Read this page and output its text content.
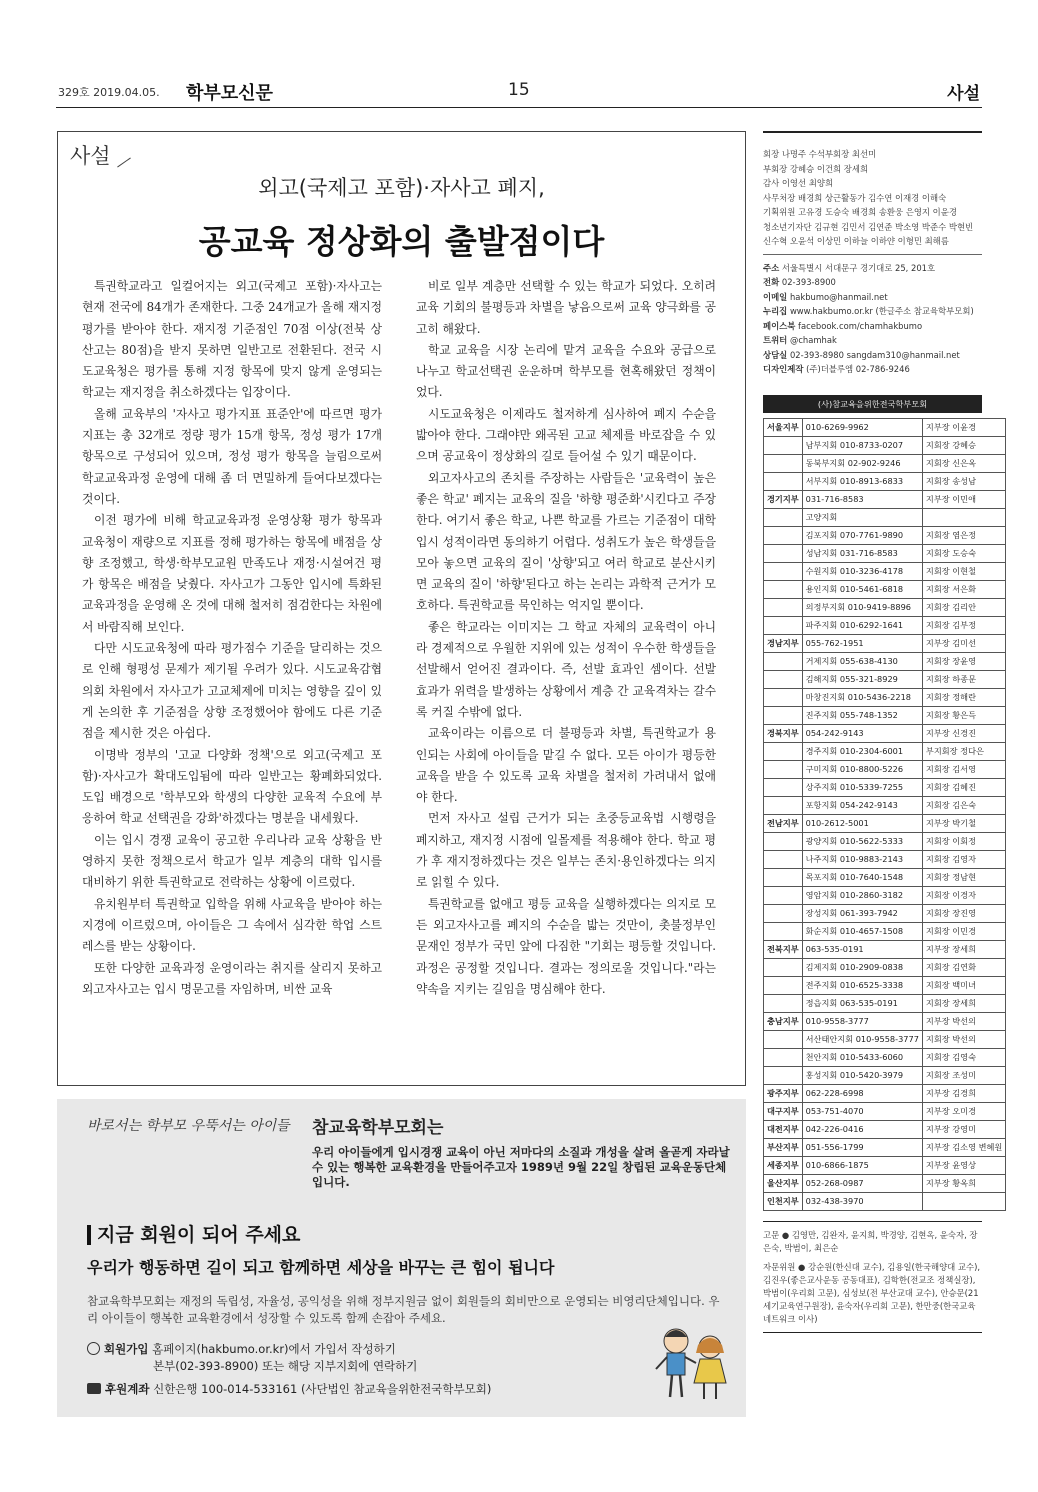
329호 2019.04.05. 학부모신문	15	사설
사설
외고(국제고 포함)·자사고 폐지,
공교육 정상화의 출발점이다

특권학교라고 일컬어지는 외고(국제고 포함)·자사고는 현재 전국에 84개가 존재한다. 그중 24개교가 올해 재지정 평가를 받아야 한다. 재지정 기준점인 70점 이상(전북 상산고는 80점)을 받지 못하면 일반고로 전환된다. 전국 시도교육청은 평가를 통해 지정 항목에 맞지 않게 운영되는 학교는 재지정을 취소하겠다는 입장이다.

올해 교육부의 '자사고 평가지표 표준안'에 따르면 평가지표는 총 32개로 정량 평가 15개 항목, 정성 평가 17개 항목으로 구성되어 있으며, 정성 평가 항목을 늘림으로써 학교교육과정 운영에 대해 좀 더 면밀하게 들여다보겠다는 것이다.

이전 평가에 비해 학교교육과정 운영상황 평가 항목과 교육청이 재량으로 지표를 정해 평가하는 항목에 배점을 상향 조정했고, 학생·학부모교원 만족도나 재정·시설여건 평가 항목은 배점을 낮췄다. 자사고가 그동안 입시에 특화된 교육과정을 운영해 온 것에 대해 철저히 점검한다는 차원에서 바람직해 보인다.

다만 시도교육청에 따라 평가점수 기준을 달리하는 것으로 인해 형평성 문제가 제기될 우려가 있다. 시도교육감협의회 차원에서 자사고가 고교체제에 미치는 영향을 깊이 있게 논의한 후 기준점을 상향 조정했어야 함에도 다른 기준점을 제시한 것은 아쉽다.

이명박 정부의 '고교 다양화 정책'으로 외고(국제고 포함)·자사고가 확대도입됨에 따라 일반고는 황폐화되었다. 도입 배경으로 '학부모와 학생의 다양한 교육적 수요에 부응하여 학교 선택권을 강화'하겠다는 명분을 내세웠다.

이는 입시 경쟁 교육이 공고한 우리나라 교육 상황을 반영하지 못한 정책으로서 학교가 일부 계층의 대학 입시를 대비하기 위한 특권학교로 전락하는 상황에 이르렀다.

유치원부터 특권학교 입학을 위해 사교육을 받아야 하는 지경에 이르렀으며, 아이들은 그 속에서 심각한 학업 스트레스를 받는 상황이다.

또한 다양한 교육과정 운영이라는 취지를 살리지 못하고 외고자사고는 입시 명문고를 자임하며, 비싼 교육

비로 일부 계층만 선택할 수 있는 학교가 되었다. 오히려 교육 기회의 불평등과 차별을 낳음으로써 교육 양극화를 공고히 해왔다.

학교 교육을 시장 논리에 맡겨 교육을 수요와 공급으로 나누고 학교선택권 운운하며 학부모를 현혹해왔던 정책이었다.

시도교육청은 이제라도 철저하게 심사하여 폐지 수순을 밟아야 한다. 그래야만 왜곡된 고교 체제를 바로잡을 수 있으며 공교육이 정상화의 길로 들어설 수 있기 때문이다.

외고자사고의 존치를 주장하는 사람들은 '교육력이 높은 좋은 학교' 폐지는 교육의 질을 '하향 평준화'시킨다고 주장한다. 여기서 좋은 학교, 나쁜 학교를 가르는 기준점이 대학 입시 성적이라면 동의하기 어렵다. 성취도가 높은 학생들을 모아 놓으면 교육의 질이 '상향'되고 여러 학교로 분산시키면 교육의 질이 '하향'된다고 하는 논리는 과학적 근거가 모호하다. 특권학교를 묵인하는 억지일 뿐이다.

좋은 학교라는 이미지는 그 학교 자체의 교육력이 아니라 경제적으로 우월한 지위에 있는 성적이 우수한 학생들을 선발해서 얻어진 결과이다. 즉, 선발 효과인 셈이다. 선발 효과가 위력을 발생하는 상황에서 계층 간 교육격차는 갈수록 커질 수밖에 없다.

교육이라는 이름으로 더 불평등과 차별, 특권학교가 용인되는 사회에 아이들을 맡길 수 없다. 모든 아이가 평등한 교육을 받을 수 있도록 교육 차별을 철저히 가려내서 없애야 한다.

먼저 자사고 설립 근거가 되는 초중등교육법 시행령을 폐지하고, 재지정 시점에 일몰제를 적용해야 한다. 학교 평가 후 재지정하겠다는 것은 일부는 존치·용인하겠다는 의지로 읽힐 수 있다.

특권학교를 없애고 평등 교육을 실행하겠다는 의지로 모든 외고자사고를 폐지의 수순을 밟는 것만이, 촛불정부인 문재인 정부가 국민 앞에 다짐한 "기회는 평등할 것입니다. 과정은 공정할 것입니다. 결과는 정의로울 것입니다."라는 약속을 지키는 길임을 명심해야 한다.

바로서는 학부모 우뚝서는 아이들 참교육학부모회는
우리 아이들에게 입시경쟁 교육이 아닌 저마다의 소질과 개성을 살려 올곧게 자라날 수 있는 행복한 교육환경을 만들어주고자 1989년 9월 22일 창립된 교육운동단체입니다.
지금 회원이 되어 주세요
우리가 행동하면 길이 되고 함께하면 세상을 바꾸는 큰 힘이 됩니다
참교육학부모회는 재정의 독립성, 자율성, 공익성을 위해 정부지원금 없이 회원들의 회비만으로 운영되는 비영리단체입니다. 우리 아이들이 행복한 교육환경에서 성장할 수 있도록 함께 손잡아 주세요.
회원가입 홈페이지(hakbumo.or.kr)에서 가입서 작성하기
본부(02-393-8900) 또는 해당 지부지회에 연락하기
후원계좌 신한은행 100-014-533161 (사단법인 참교육을위한전국학부모회)
회장 나명주 수석부회장 최선미
부회장 강혜승 이건희 장세희
감사 이영선 최양희
사무처장 배경희 상근활동가 김수연 이재경 이해숙
기획위원 고유경 도승숙 배경희 송환웅 은영지 이윤경
청소년기자단 김규현 김민서 김연준 박소영 박준수 박현빈
신수혁 오윤석 이상민 이하늘 이하얀 이형민 최해름
주소 서울특별시 서대문구 경기대로 25, 201호
전화 02-393-8900
이메일 hakbumo@hanmail.net
누리집 www.hakbumo.or.kr (한글주소 참교육학부모회)
페이스북 facebook.com/chamhakbumo
트위터 @chamhak
상담실 02-393-8980 sangdam310@hanmail.net
디자인제작 (주)더블루엠 02-786-9246
(사)참교육을위한전국학부모회
서울지부	010-6269-9962	지부장 이윤경
	남부지회 010-8733-0207	지회장 강혜승
	동북부지회 02-902-9246	지회장 신은옥
	서부지회 010-8913-6833	지회장 송성남
경기지부	031-716-8583	지부장 이민애
	고양지회	
	김포지회 070-7761-9890	지회장 염은정
	성남지회 031-716-8583	지회장 도승숙
	수원지회 010-3236-4178	지회장 이현철
	용인지회 010-5461-6818	지회장 서은화
	의정부지회 010-9419-8896	지회장 김리안
	파주지회 010-6292-1641	지회장 김부정
경남지부	055-762-1951	지부장 김미선
	거제지회 055-638-4130	지회장 장윤영
	김해지회 055-321-8929	지회장 하종문
	마창진지회 010-5436-2218	지회장 정해란
	진주지회 055-748-1352	지회장 황은득
경북지부	054-242-9143	지부장 신경진
	경주지회 010-2304-6001	부지회장 정다은
	구미지회 010-8800-5226	지회장 김서영
	상주지회 010-5339-7255	지회장 김혜진
	포항지회 054-242-9143	지회장 김은숙
전남지부	010-2612-5001	지부장 박기철
	광양지회 010-5622-5333	지회장 이회정
	나주지회 010-9883-2143	지회장 김영자
	목포지회 010-7640-1548	지회장 정남현
	영암지회 010-2860-3182	지회장 이경자
	장성지회 061-393-7942	지회장 장진영
	화순지회 010-4657-1508	지회장 이민경
전북지부	063-535-0191	지부장 장세희
	김제지회 010-2909-0838	지회장 김연화
	전주지회 010-6525-3338	지회장 백미녀
	정읍지회 063-535-0191	지회장 장세희
충남지부	010-9558-3777	지부장 박선의
	서산태안지회 010-9558-3777	지회장 박선의
	천안지회 010-5433-6060	지회장 김영숙
	홍성지회 010-5420-3979	지회장 조성미
광주지부	062-228-6998	지부장 김경희
대구지부	053-751-4070	지부장 오미경
대전지부	042-226-0416	지부장 강영미
부산지부	051-556-1799	지부장 김소영 변혜원
세종지부	010-6866-1875	지부장 윤영상
울산지부	052-268-0987	지부장 황옥희
인천지부	032-438-3970	

고문 ● 김영만, 김완자, 윤지희, 박경양, 김현옥, 윤숙자, 장은숙, 박범이, 최은순

자문위원 ● 강순원(한신대 교수), 김용일(한국해양대 교수), 김진우(좋은교사운동 공동대표), 김학한(전교조 정책실장), 박범이(우리회 고문), 심성보(전 부산교대 교수), 안승문(21세기교육연구원장), 윤숙자(우리회 고문), 한만중(한국교육네트워크 이사)
